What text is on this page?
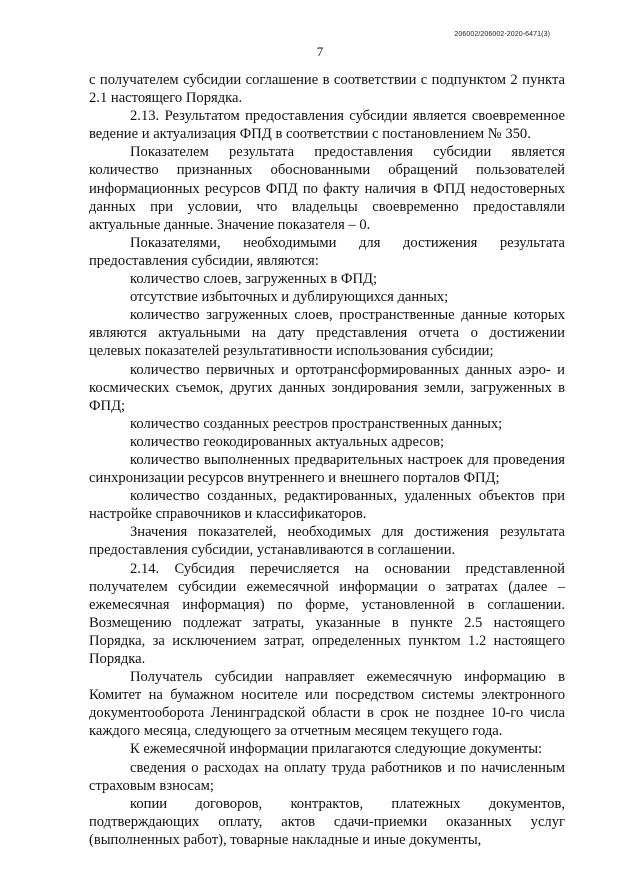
206002/206002-2020-6471(3)
7

с получателем субсидии соглашение в соответствии с подпунктом 2 пункта 2.1 настоящего Порядка.

2.13. Результатом предоставления субсидии является своевременное ведение и актуализация ФПД в соответствии с постановлением № 350.

Показателем результата предоставления субсидии является количество признанных обоснованными обращений пользователей информационных ресурсов ФПД по факту наличия в ФПД недостоверных данных при условии, что владельцы своевременно предоставляли актуальные данные. Значение показателя – 0.

Показателями, необходимыми для достижения результата предоставления субсидии, являются:

количество слоев, загруженных в ФПД;

отсутствие избыточных и дублирующихся данных;

количество загруженных слоев, пространственные данные которых являются актуальными на дату представления отчета о достижении целевых показателей результативности использования субсидии;

количество первичных и ортотрансформированных данных аэро- и космических съемок, других данных зондирования земли, загруженных в ФПД;

количество созданных реестров пространственных данных;

количество геокодированных актуальных адресов;

количество выполненных предварительных настроек для проведения синхронизации ресурсов внутреннего и внешнего порталов ФПД;

количество созданных, редактированных, удаленных объектов при настройке справочников и классификаторов.

Значения показателей, необходимых для достижения результата предоставления субсидии, устанавливаются в соглашении.

2.14. Субсидия перечисляется на основании представленной получателем субсидии ежемесячной информации о затратах (далее – ежемесячная информация) по форме, установленной в соглашении. Возмещению подлежат затраты, указанные в пункте 2.5 настоящего Порядка, за исключением затрат, определенных пунктом 1.2 настоящего Порядка.

Получатель субсидии направляет ежемесячную информацию в Комитет на бумажном носителе или посредством системы электронного документооборота Ленинградской области в срок не позднее 10-го числа каждого месяца, следующего за отчетным месяцем текущего года.

К ежемесячной информации прилагаются следующие документы:

сведения о расходах на оплату труда работников и по начисленным страховым взносам;

копии договоров, контрактов, платежных документов, подтверждающих оплату, актов сдачи-приемки оказанных услуг (выполненных работ), товарные накладные и иные документы,
